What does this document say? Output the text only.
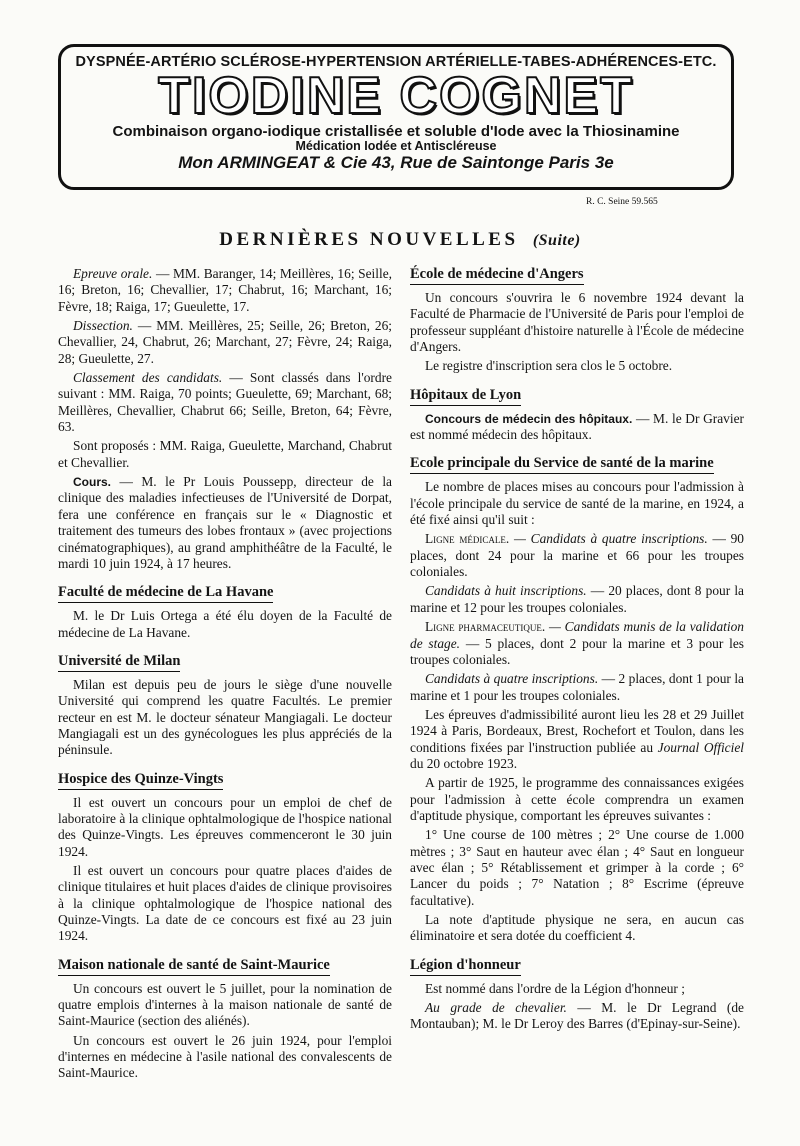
DYSPNÉE-ARTÉRIO SCLÉROSE-HYPERTENSION ARTÉRIELLE-TABES-ADHÉRENCES-ETC.
TIODINE COGNET
Combinaison organo-iodique cristallisée et soluble d'Iode avec la Thiosinamine
Médication Iodée et Antiscléreuse
Mon ARMINGEAT & Cie 43, Rue de Saintonge Paris 3e
R. C. Seine 59.565
DERNIÈRES NOUVELLES (Suite)

Epreuve orale. — MM. Baranger, 14; Meillères, 16; Seille, 16; Breton, 16; Chevallier, 17; Chabrut, 16; Marchant, 16; Fèvre, 18; Raiga, 17; Gueulette, 17.

Dissection. — MM. Meillères, 25; Seille, 26; Breton, 26; Chevallier, 24, Chabrut, 26; Marchant, 27; Fèvre, 24; Raiga, 28; Gueulette, 27.

Classement des candidats. — Sont classés dans l'ordre suivant : MM. Raiga, 70 points; Gueulette, 69; Marchant, 68; Meillères, Chevallier, Chabrut 66; Seille, Breton, 64; Fèvre, 63.

Sont proposés : MM. Raiga, Gueulette, Marchand, Chabrut et Chevallier.

Cours. — M. le Pr Louis Poussepp, directeur de la clinique des maladies infectieuses de l'Université de Dorpat, fera une conférence en français sur le « Diagnostic et traitement des tumeurs des lobes frontaux » (avec projections cinématographiques), au grand amphithéâtre de la Faculté, le mardi 10 juin 1924, à 17 heures.

Faculté de médecine de La Havane

M. le Dr Luis Ortega a été élu doyen de la Faculté de médecine de La Havane.

Université de Milan

Milan est depuis peu de jours le siège d'une nouvelle Université qui comprend les quatre Facultés. Le premier recteur en est M. le docteur sénateur Mangiagali. Le docteur Mangiagali est un des gynécologues les plus appréciés de la péninsule.

Hospice des Quinze-Vingts

Il est ouvert un concours pour un emploi de chef de laboratoire à la clinique ophtalmologique de l'hospice national des Quinze-Vingts. Les épreuves commenceront le 30 juin 1924.

Il est ouvert un concours pour quatre places d'aides de clinique titulaires et huit places d'aides de clinique provisoires à la clinique ophtalmologique de l'hospice national des Quinze-Vingts. La date de ce concours est fixé au 23 juin 1924.

Maison nationale de santé de Saint-Maurice

Un concours est ouvert le 5 juillet, pour la nomination de quatre emplois d'internes à la maison nationale de santé de Saint-Maurice (section des aliénés).

Un concours est ouvert le 26 juin 1924, pour l'emploi d'internes en médecine à l'asile national des convalescents de Saint-Maurice.

École de médecine d'Angers

Un concours s'ouvrira le 6 novembre 1924 devant la Faculté de Pharmacie de l'Université de Paris pour l'emploi de professeur suppléant d'histoire naturelle à l'École de médecine d'Angers.

Le registre d'inscription sera clos le 5 octobre.

Hôpitaux de Lyon

Concours de médecin des hôpitaux. — M. le Dr Gravier est nommé médecin des hôpitaux.

Ecole principale du Service de santé de la marine

Le nombre de places mises au concours pour l'admission à l'école principale du service de santé de la marine, en 1924, a été fixé ainsi qu'il suit :

Ligne médicale. — Candidats à quatre inscriptions. — 90 places, dont 24 pour la marine et 66 pour les troupes coloniales.

Candidats à huit inscriptions. — 20 places, dont 8 pour la marine et 12 pour les troupes coloniales.

Ligne pharmaceutique. — Candidats munis de la validation de stage. — 5 places, dont 2 pour la marine et 3 pour les troupes coloniales.

Candidats à quatre inscriptions. — 2 places, dont 1 pour la marine et 1 pour les troupes coloniales.

Les épreuves d'admissibilité auront lieu les 28 et 29 Juillet 1924 à Paris, Bordeaux, Brest, Rochefort et Toulon, dans les conditions fixées par l'instruction publiée au Journal Officiel du 20 octobre 1923.

A partir de 1925, le programme des connaissances exigées pour l'admission à cette école comprendra un examen d'aptitude physique, comportant les épreuves suivantes :

1° Une course de 100 mètres ; 2° Une course de 1.000 mètres ; 3° Saut en hauteur avec élan ; 4° Saut en longueur avec élan ; 5° Rétablissement et grimper à la corde ; 6° Lancer du poids ; 7° Natation ; 8° Escrime (épreuve facultative).

La note d'aptitude physique ne sera, en aucun cas éliminatoire et sera dotée du coefficient 4.

Légion d'honneur

Est nommé dans l'ordre de la Légion d'honneur ;

Au grade de chevalier. — M. le Dr Legrand (de Montauban); M. le Dr Leroy des Barres (d'Epinay-sur-Seine).
